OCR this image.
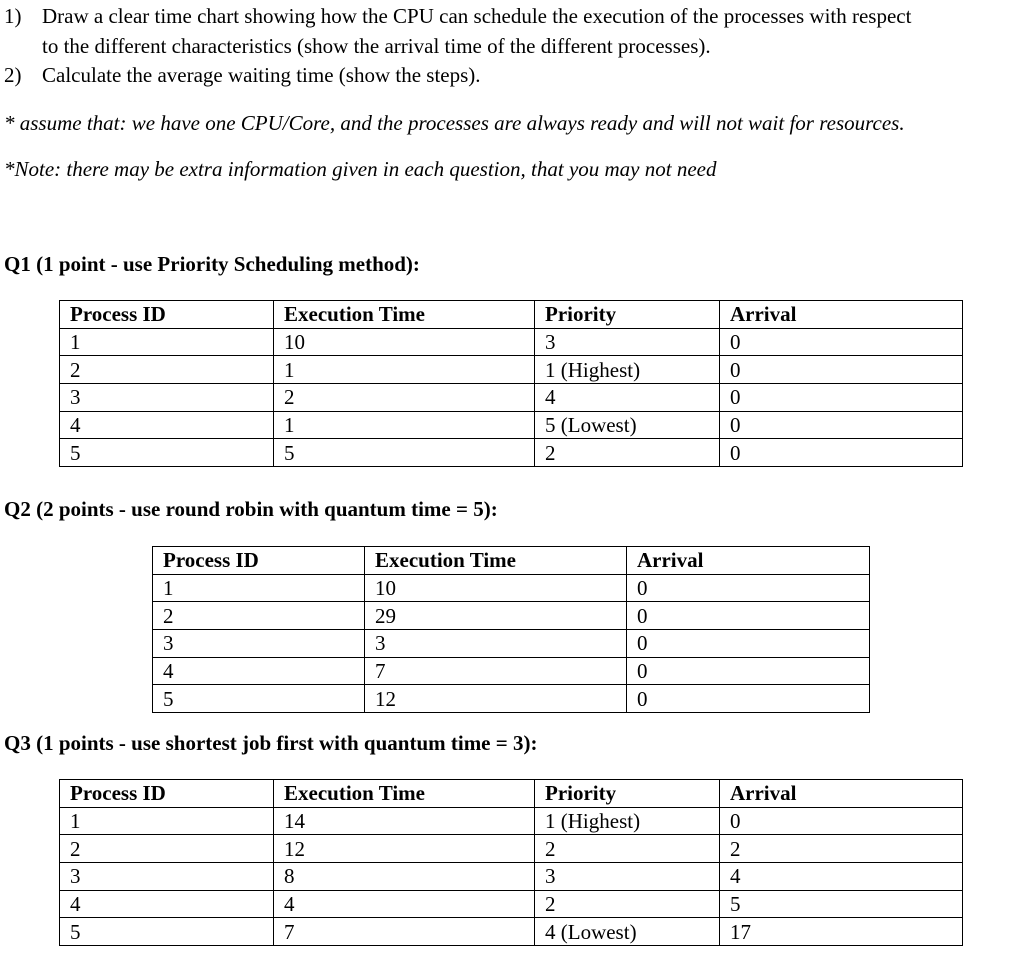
1) Draw a clear time chart showing how the CPU can schedule the execution of the processes with respect
to the different characteristics (show the arrival time of the different processes).
2) Calculate the average waiting time (show the steps).
* assume that: we have one CPU/Core, and the processes are always ready and will not wait for resources.
*Note: there may be extra information given in each question, that you may not need
Q1 (1 point - use Priority Scheduling method):
Process ID	Execution Time	Priority	Arrival
1	10	3	0
2	1	1 (Highest)	0
3	2	4	0
4	1	5 (Lowest)	0
5	5	2	0
Q2 (2 points - use round robin with quantum time = 5):
Process ID	Execution Time	Arrival
1	10	0
2	29	0
3	3	0
4	7	0
5	12	0
Q3 (1 points - use shortest job first with quantum time = 3):
Process ID	Execution Time	Priority	Arrival
1	14	1 (Highest)	0
2	12	2	2
3	8	3	4
4	4	2	5
5	7	4 (Lowest)	17
